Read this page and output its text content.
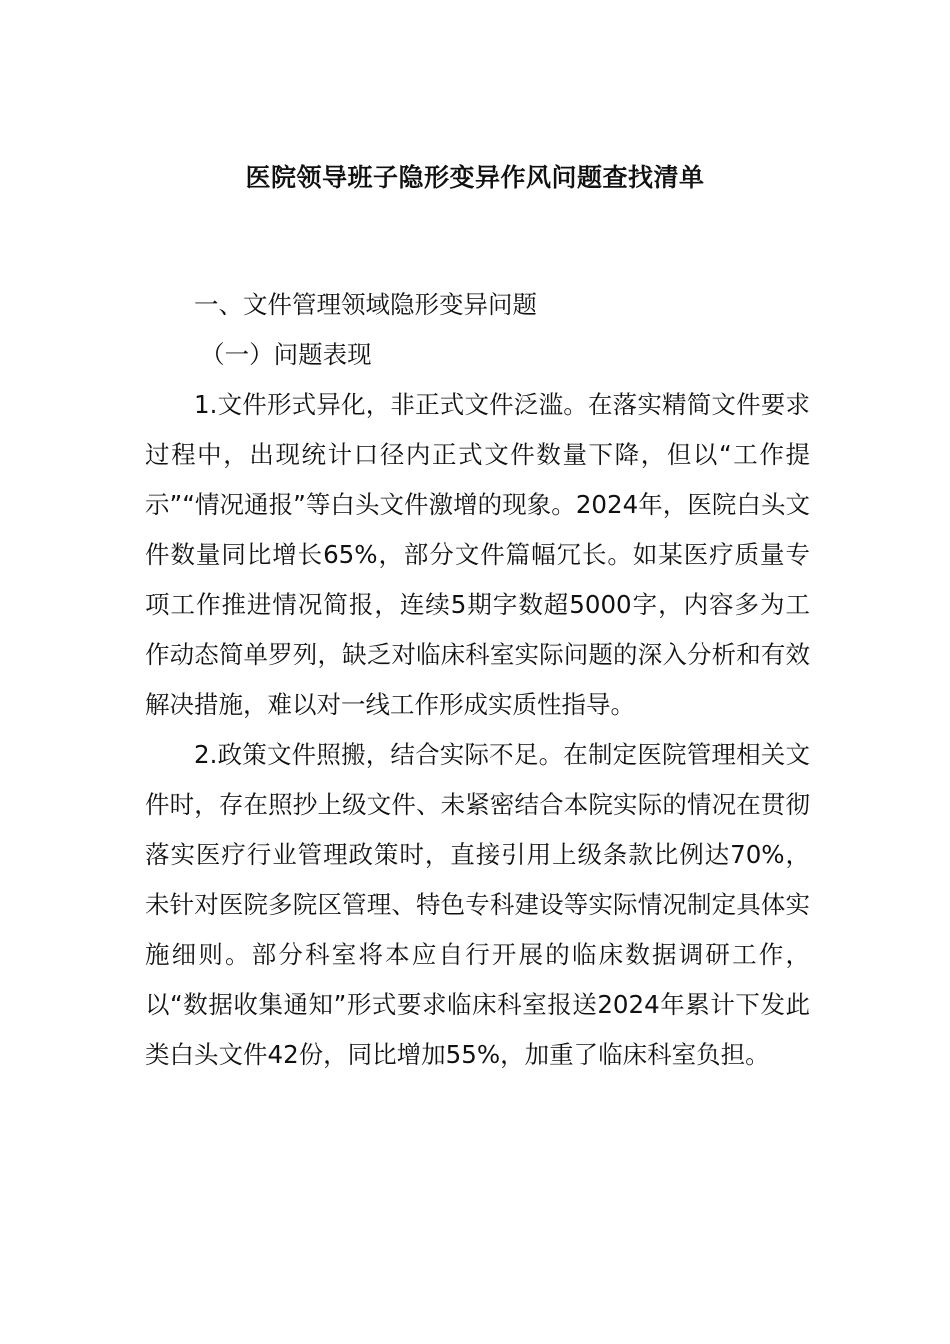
医院领导班子隐形变异作风问题查找清单

一、文件管理领域隐形变异问题

（一）问题表现

1.文件形式异化，非正式文件泛滥。在落实精简文件要求过程中，出现统计口径内正式文件数量下降，但以“工作提示”“情况通报”等白头文件激增的现象。2024年，医院白头文件数量同比增长65%，部分文件篇幅冗长。如某医疗质量专项工作推进情况简报，连续5期字数超5000字，内容多为工作动态简单罗列，缺乏对临床科室实际问题的深入分析和有效解决措施，难以对一线工作形成实质性指导。

2.政策文件照搬，结合实际不足。在制定医院管理相关文件时，存在照抄上级文件、未紧密结合本院实际的情况在贯彻落实医疗行业管理政策时，直接引用上级条款比例达70%，未针对医院多院区管理、特色专科建设等实际情况制定具体实施细则。部分科室将本应自行开展的临床数据调研工作，以“数据收集通知”形式要求临床科室报送2024年累计下发此类白头文件42份，同比增加55%，加重了临床科室负担。
